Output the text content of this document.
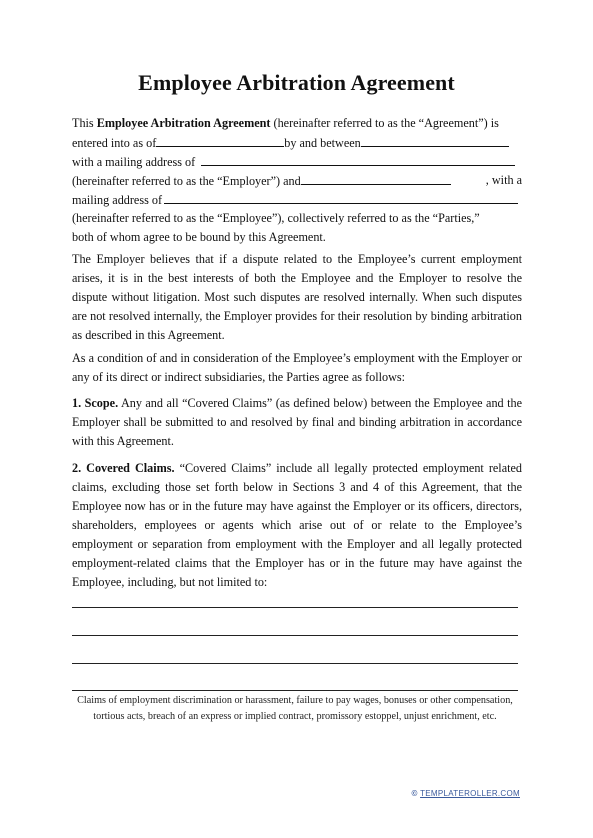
Employee Arbitration Agreement
This Employee Arbitration Agreement (hereinafter referred to as the “Agreement”) is
entered into as of	by and between
with a mailing address of
(hereinafter referred to as the “Employer”) and	, with a
mailing address of
(hereinafter referred to as the “Employee”), collectively referred to as the “Parties,”
both of whom agree to be bound by this Agreement.

The Employer believes that if a dispute related to the Employee’s current employment arises, it is in the best interests of both the Employee and the Employer to resolve the dispute without litigation. Most such disputes are resolved internally. When such disputes are not resolved internally, the Employer provides for their resolution by binding arbitration as described in this Agreement.

As a condition of and in consideration of the Employee’s employment with the Employer or any of its direct or indirect subsidiaries, the Parties agree as follows:

1. Scope. Any and all “Covered Claims” (as defined below) between the Employee and the Employer shall be submitted to and resolved by final and binding arbitration in accordance with this Agreement.

2. Covered Claims. “Covered Claims” include all legally protected employment related claims, excluding those set forth below in Sections 3 and 4 of this Agreement, that the Employee now has or in the future may have against the Employer or its officers, directors, shareholders, employees or agents which arise out of or relate to the Employee’s employment or separation from employment with the Employer and all legally protected employment-related claims that the Employer has or in the future may have against the Employee, including, but not limited to:

Claims of employment discrimination or harassment, failure to pay wages, bonuses or other compensation, tortious acts, breach of an express or implied contract, promissory estoppel, unjust enrichment, etc.
© TEMPLATEROLLER.COM
